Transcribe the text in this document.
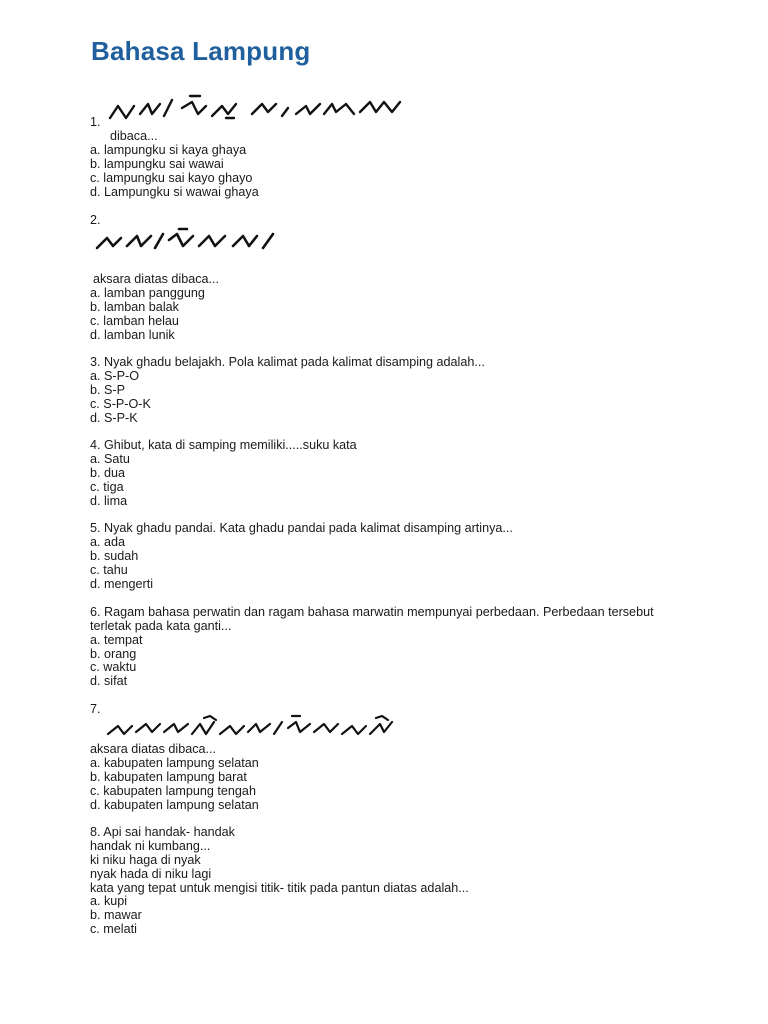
Bahasa Lampung
1.
dibaca...
a. lampungku si kaya ghaya
b. lampungku sai wawai
c. lampungku sai kayo ghayo
d. Lampungku si wawai ghaya
2.
aksara diatas dibaca...
a. lamban panggung
b. lamban balak
c. lamban helau
d. lamban lunik
3. Nyak ghadu belajakh. Pola kalimat pada kalimat disamping adalah...
a. S-P-O
b. S-P
c. S-P-O-K
d. S-P-K
4. Ghibut, kata di samping memiliki.....suku kata
a. Satu
b. dua
c. tiga
d. lima
5. Nyak ghadu pandai. Kata ghadu pandai pada kalimat disamping artinya...
a. ada
b. sudah
c. tahu
d. mengerti
6. Ragam bahasa perwatin dan ragam bahasa marwatin mempunyai perbedaan. Perbedaan tersebut
terletak pada kata ganti...
a. tempat
b. orang
c. waktu
d. sifat
7.
aksara diatas dibaca...
a. kabupaten lampung selatan
b. kabupaten lampung barat
c. kabupaten lampung tengah
d. kabupaten lampung selatan
8. Api sai handak- handak
handak ni kumbang...
ki niku haga di nyak
nyak hada di niku lagi
kata yang tepat untuk mengisi titik- titik pada pantun diatas adalah...
a. kupi
b. mawar
c. melati
